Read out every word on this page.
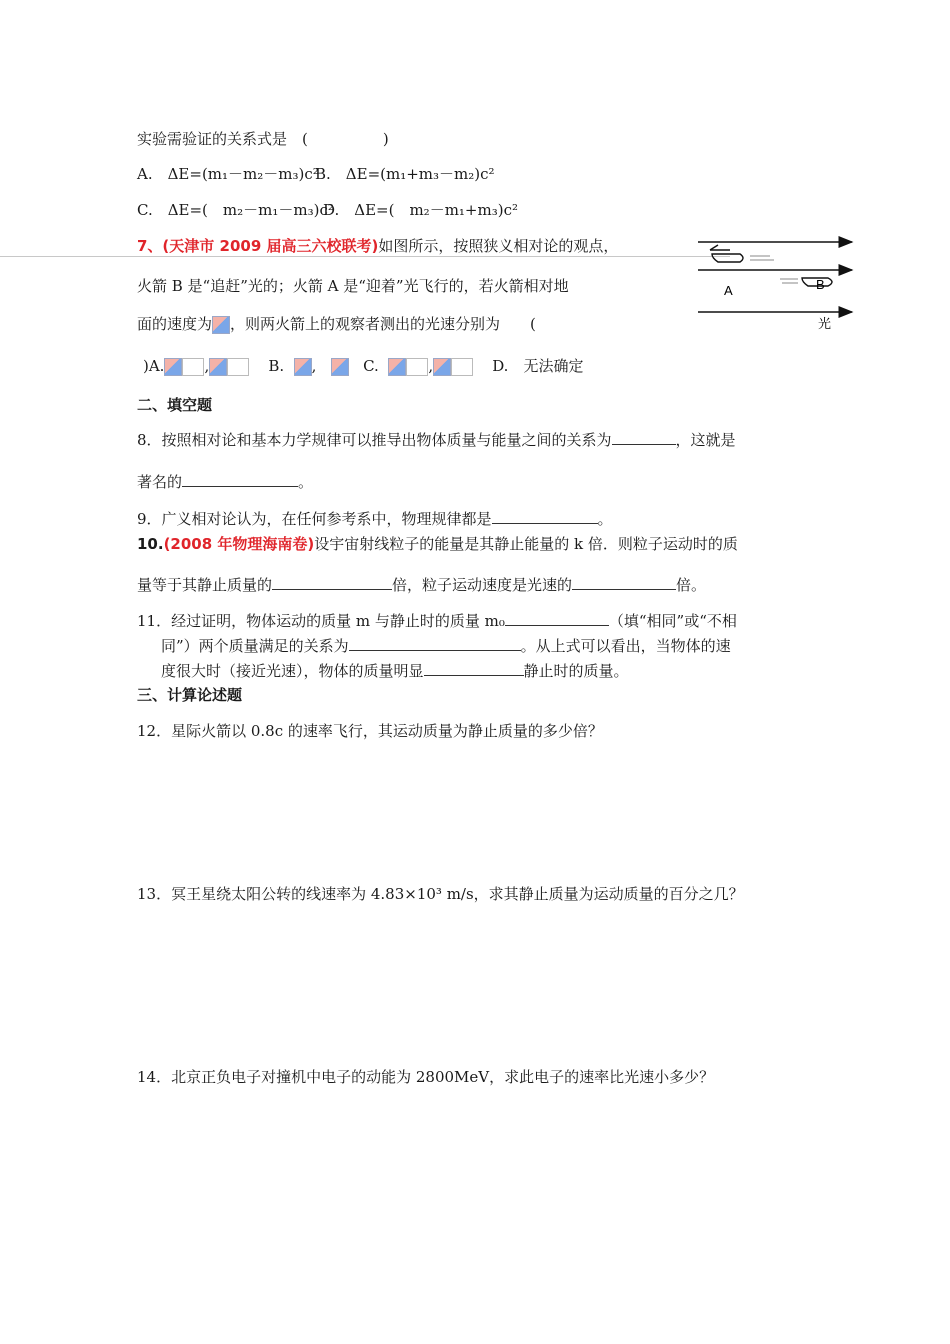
实验需验证的关系式是　(　　　　　)
A.　ΔE=(m₁－m₂－m₃)c²
B.　ΔE=(m₁+m₃－m₂)c²
C.　ΔE=(　m₂－m₁－m₃)c²
D.　ΔE=(　m₂－m₁+m₃)c²
7、(天津市 2009 届高三六校联考)如图所示，按照狭义相对论的观点，
火箭 B 是“追赶”光的；火箭 A 是“迎着”光飞行的，若火箭相对地
面的速度为 ，则两火箭上的观察者测出的光速分别为　　(
)A.	,	B. ,	C.	,	D.　无法确定
A	B
光
二、填空题
8．按照相对论和基本力学规律可以推导出物体质量与能量之间的关系为	，这就是
著名的	。
9．广义相对论认为，在任何参考系中，物理规律都是	。
10.(2008 年物理海南卷)设宇宙射线粒子的能量是其静止能量的 k 倍．则粒子运动时的质
量等于其静止质量的	倍，粒子运动速度是光速的	倍。
11．经过证明，物体运动的质量 m 与静止时的质量 m₀	（填“相同”或“不相
同”）两个质量满足的关系为	。从上式可以看出，当物体的速
度很大时（接近光速），物体的质量明显	静止时的质量。
三、计算论述题
12．星际火箭以 0.8c 的速率飞行，其运动质量为静止质量的多少倍？
13．冥王星绕太阳公转的线速率为 4.83×10³ m/s，求其静止质量为运动质量的百分之几？
14．北京正负电子对撞机中电子的动能为 2800MeV，求此电子的速率比光速小多少？
